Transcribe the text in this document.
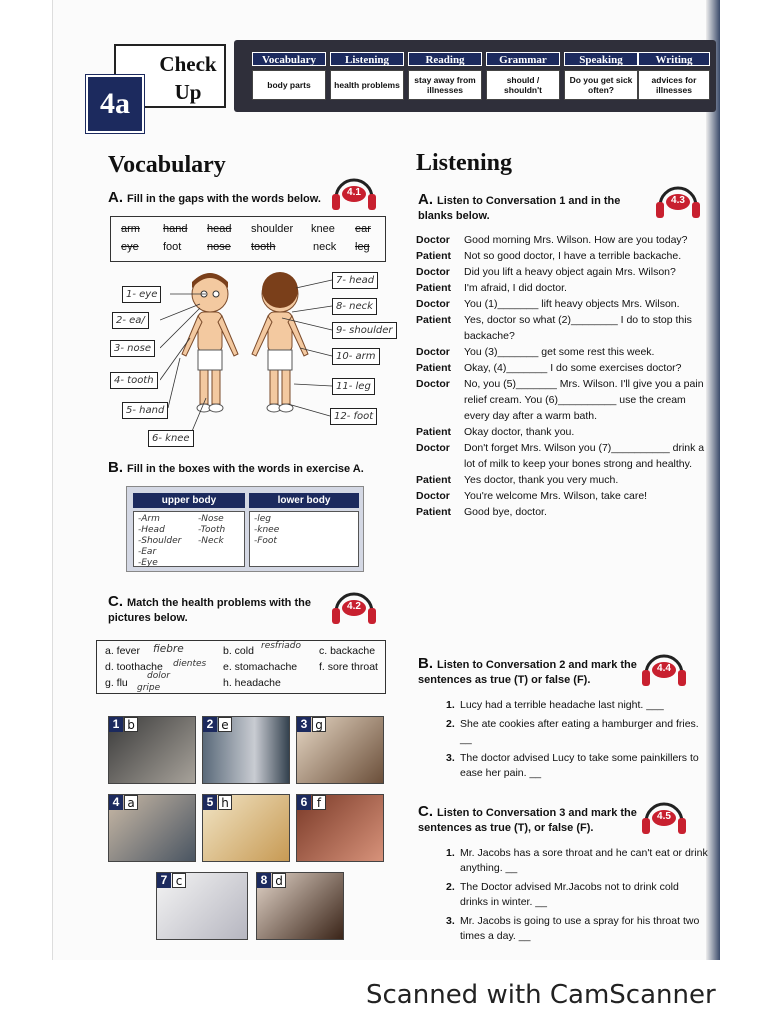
Check
Up
4a
Vocabulary
body parts
Listening
health problems
Reading
stay away from illnesses
Grammar
should / shouldn't
Speaking
Do you get sick often?
Writing
advices for illnesses
Vocabulary
A. Fill in the gaps with the words below.
4.1
arm hand head shoulder knee ear
eye foot nose tooth	neck leg
1- eye
2- ea/
3- nose
4- tooth
5- hand
6- knee
7- head
8- neck
9- shoulder
10- arm
11- leg
12- foot
B. Fill in the boxes with the words in exercise A.
upper body	lower body

-Arm
-Head
-Shoulder
-Ear
-Eye

-Nose
-Tooth
-Neck

-leg
-knee
-Foot
C. Match the health problems with the pictures below.
4.2
a. fever fiebre	b. cold resfriado c. backache
d. toothache dientes e. stomachache f. sore throat
g. flu
dolor
gripe	h. headache
1 b	2 e	3 g
4 a	5 h	6 f
7 c	8 d
Listening
A. Listen to Conversation 1 and in the blanks below.
4.3
Doctor Good morning Mrs. Wilson. How are you today?
Patient Not so good doctor, I have a terrible backache.
Doctor Did you lift a heavy object again Mrs. Wilson?
Patient I'm afraid, I did doctor.
Doctor You (1)_______ lift heavy objects Mrs. Wilson.
Patient Yes, doctor so what (2)________ I do to stop this backache?
Doctor You (3)_______ get some rest this week.
Patient Okay, (4)_______ I do some exercises doctor?
Doctor No, you (5)_______ Mrs. Wilson. I'll give you a pain relief cream. You (6)__________ use the cream every day after a warm bath.
Patient Okay doctor, thank you.
Doctor Don't forget Mrs. Wilson you (7)__________ drink a lot of milk to keep your bones strong and healthy.
Patient Yes doctor, thank you very much.
Doctor You're welcome Mrs. Wilson, take care!
Patient Good bye, doctor.
B. Listen to Conversation 2 and mark the sentences as true (T) or false (F).
4.4
1. Lucy had a terrible headache last night. ___
2. She ate cookies after eating a hamburger and fries. __
3. The doctor advised Lucy to take some painkillers to ease her pain. __
C. Listen to Conversation 3 and mark the sentences as true (T), or false (F).
4.5
1. Mr. Jacobs has a sore throat and he can't eat or drink anything. __
2. The Doctor advised Mr.Jacobs not to drink cold drinks in winter. __
3. Mr. Jacobs is going to use a spray for his throat two times a day. __
Scanned with CamScanner
